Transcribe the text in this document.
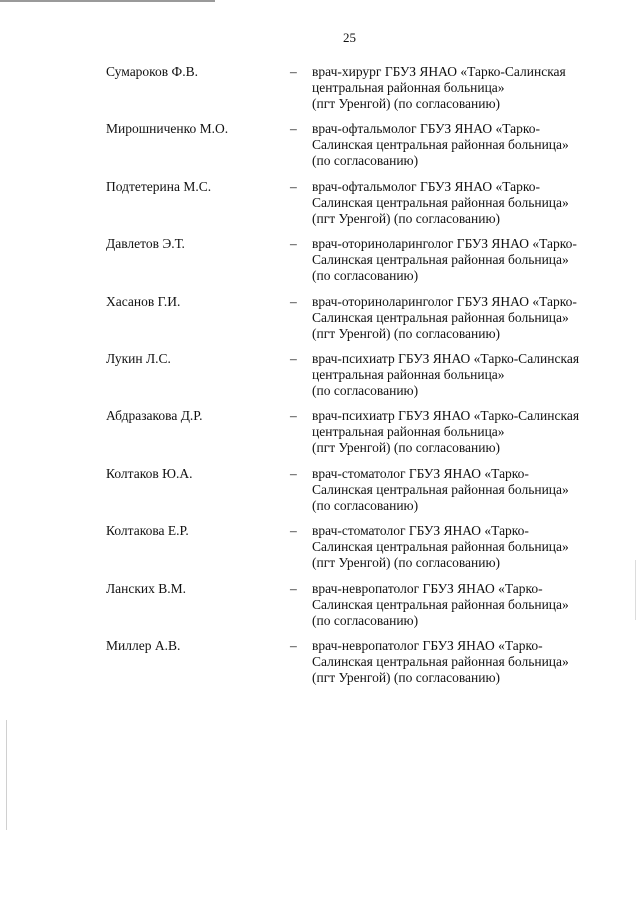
25
Сумароков Ф.В.	– врач-хирург ГБУЗ ЯНАО «Тарко-Салинская
центральная районная больница»
(пгт Уренгой) (по согласованию)
Мирошниченко М.О.	– врач-офтальмолог ГБУЗ ЯНАО «Тарко-
Салинская центральная районная больница»
(по согласованию)
Подтетерина М.С.	– врач-офтальмолог ГБУЗ ЯНАО «Тарко-
Салинская центральная районная больница»
(пгт Уренгой) (по согласованию)
Давлетов Э.Т.	– врач-оториноларинголог ГБУЗ ЯНАО «Тарко-
Салинская центральная районная больница»
(по согласованию)
Хасанов Г.И.	– врач-оториноларинголог ГБУЗ ЯНАО «Тарко-
Салинская центральная районная больница»
(пгт Уренгой) (по согласованию)
Лукин Л.С.	– врач-психиатр ГБУЗ ЯНАО «Тарко-Салинская
центральная районная больница»
(по согласованию)
Абдразакова Д.Р.	– врач-психиатр ГБУЗ ЯНАО «Тарко-Салинская
центральная районная больница»
(пгт Уренгой) (по согласованию)
Колтаков Ю.А.	– врач-стоматолог ГБУЗ ЯНАО «Тарко-
Салинская центральная районная больница»
(по согласованию)
Колтакова Е.Р.	– врач-стоматолог ГБУЗ ЯНАО «Тарко-
Салинская центральная районная больница»
(пгт Уренгой) (по согласованию)
Ланских В.М.	– врач-невропатолог ГБУЗ ЯНАО «Тарко-
Салинская центральная районная больница»
(по согласованию)
Миллер А.В.	– врач-невропатолог ГБУЗ ЯНАО «Тарко-
Салинская центральная районная больница»
(пгт Уренгой) (по согласованию)
